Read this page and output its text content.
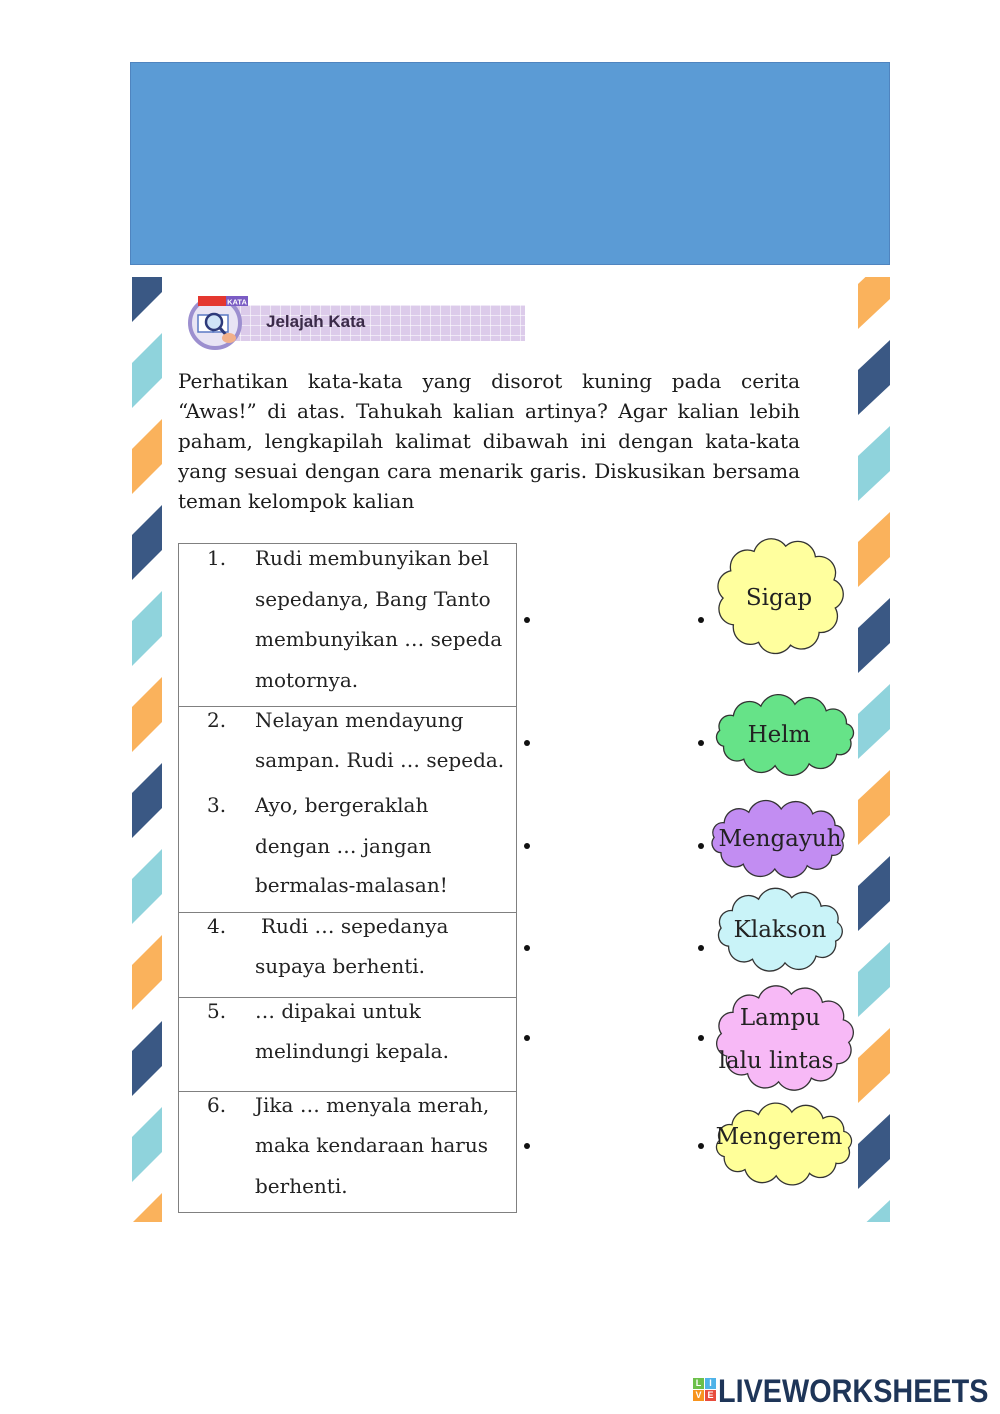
KATA
Jelajah Kata
Perhatikan kata-kata yang disorot kuning pada cerita
“Awas!” di atas. Tahukah kalian artinya? Agar kalian lebih
paham, lengkapilah kalimat dibawah ini dengan kata-kata
yang sesuai dengan cara menarik garis. Diskusikan bersama
teman kelompok kalian
1. Rudi membunyikan bel
sepedanya, Bang Tanto
membunyikan … sepeda
motornya.
2. Nelayan mendayung
sampan. Rudi … sepeda.
3. Ayo, bergeraklah
dengan … jangan
bermalas-malasan!
4. Rudi … sepedanya
supaya berhenti.
5. … dipakai untuk
melindungi kepala.
6. Jika … menyala merah,
maka kendaraan harus
berhenti.
Sigap
Helm
Mengayuh
Klakson
Lampu
lalu lintas
Mengerem
L I
V E LIVEWORKSHEETS
